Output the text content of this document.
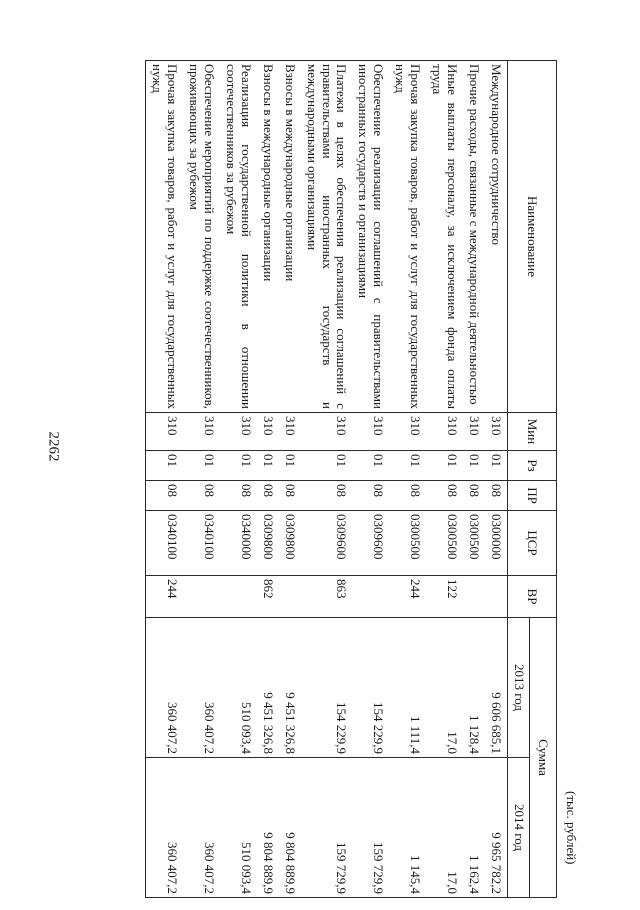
2262
(тыс. рублей)
Наименование	Мин	Рз	ПР	ЦСР	ВР	Сумма	
						2013 год	2014 год
Международное сотрудничество	310	01	08	0300000		9 606 685,1	9 965 782,2
Прочие расходы, связанные с международной деятельностью	310	01	08	0300500		1 128,4	1 162,4
Иные выплаты персоналу, за исключением фонда оплаты труда	310	01	08	0300500	122	17,0	17,0
Прочая закупка товаров, работ и услуг для государственных нужд	310	01	08	0300500	244	1 111,4	1 145,4
Обеспечение реализации соглашений с правительствами иностранных государств и организациями	310	01	08	0309600		154 229,9	159 729,9
Платежи в целях обеспечения реализации соглашений с правительствами иностранных государств и международными организациями	310	01	08	0309600	863	154 229,9	159 729,9
Взносы в международные организации	310	01	08	0309800		9 451 326,8	9 804 889,9
Взносы в международные организации	310	01	08	0309800	862	9 451 326,8	9 804 889,9
Реализация государственной политики в отношении соотечественников за рубежом	310	01	08	0340000		510 093,4	510 093,4
Обеспечение мероприятий по поддержке соотечественников, проживающих за рубежом	310	01	08	0340100		360 407,2	360 407,2
Прочая закупка товаров, работ и услуг для государственных нужд	310	01	08	0340100	244	360 407,2	360 407,2
